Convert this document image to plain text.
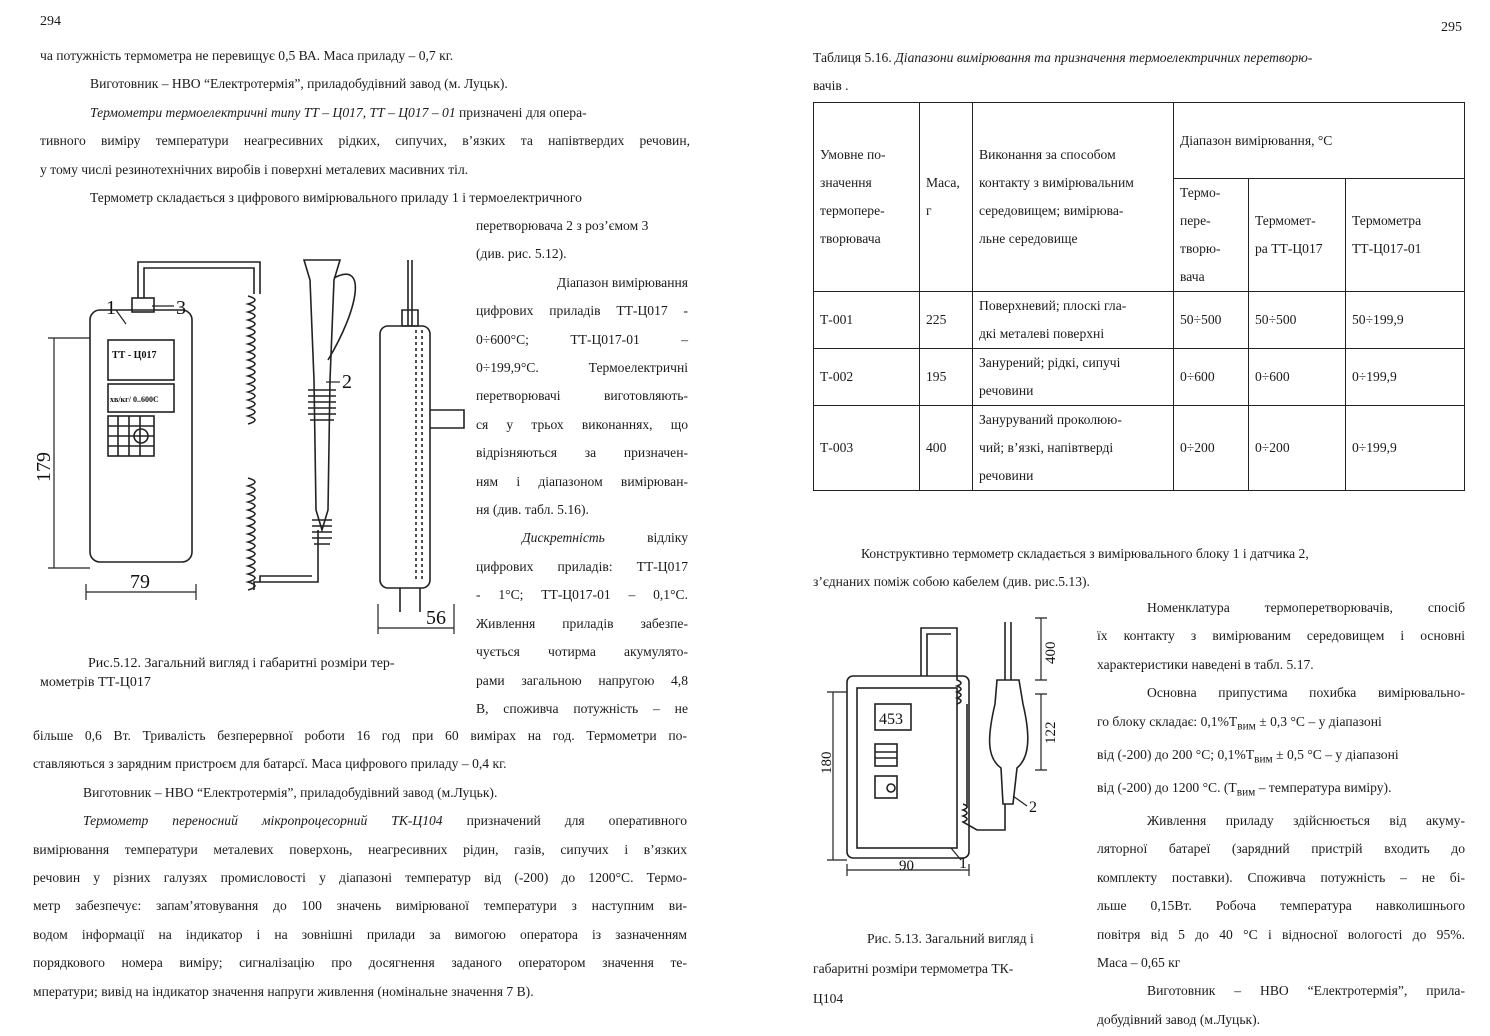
294
ча потужність термометра не перевищує 0,5 ВА. Маса приладу – 0,7 кг.
Виготовник – НВО “Електротермія”, приладобудівний завод (м. Луцьк).
Термометри термоелектричні типу ТТ – Ц017, ТТ – Ц017 – 01 призначені для опера-
тивного виміру температури неагресивних рідких, сипучих, в’язких та напівтвердих речовин,
у тому числі резинотехнічних виробів і поверхні металевих масивних тіл.
Термометр складається з цифрового вимірювального приладу 1 і термоелектричного
перетворювача 2 з роз’ємом 3
(див. рис. 5.12).
Діапазон вимірювання
цифрових приладів ТТ-Ц017 -
0÷600°С; ТТ-Ц017-01 –
0÷199,9°С. Термоелектричні
перетворювачі виготовляють-
ся у трьох виконаннях, що
відрізняються за призначен-
ням і діапазоном вимірюван-
ня (див. табл. 5.16).
Дискретність	відліку
цифрових приладів: ТТ-Ц017
- 1°С; ТТ-Ц017-01 – 0,1°С.
Живлення приладів забезпе-
чується чотирма акумулято-
рами загальною напругою 4,8
В, споживча потужність – не
ТТ - Ц017
хв/кг/ 0..600С
1	3
2
179
79
56
Рис.5.12. Загальний вигляд і габаритні розміри тер-
мометрів ТТ-Ц017
більше 0,6 Вт. Тривалість безперервної роботи 16 год при 60 вимірах на год. Термометри по-
ставляються з зарядним пристроєм для батарсї. Маса цифрового приладу – 0,4 кг.
Виготовник – НВО “Електротермія”, приладобудівний завод (м.Луцьк).
Термометр переносний мікропроцесорний ТК-Ц104 призначений для оперативного
вимірювання температури металевих поверхонь, неагресивних рідин, газів, сипучих і в’язких
речовин у різних галузях промисловості у діапазоні температур від (-200) до 1200°С. Термо-
метр забезпечує: запам’ятовування до 100 значень вимірюваної температури з наступним ви-
водом інформації на індикатор і на зовнішні прилади за вимогою оператора із зазначенням
порядкового номера виміру; сигналізацію про досягнення заданого оператором значення те-
мператури; вивід на індикатор значення напруги живлення (номінальне значення 7 В).
295
Таблиця 5.16. Діапазони вимірювання та призначення термоелектричних перетворю-
вачів .
Умовне по-
значення
термопере-
творювача	Маса,
г	Виконання за способом
контакту з вимірювальним
середовищем; вимірюва-
льне середовище	Діапазон вимірювання, °С		

			Термо-
пере-
творю-
вача	Термомет-
ра ТТ-Ц017	Термометра
ТТ-Ц017-01

Т-001	225	Поверхневий; плоскі гла-
дкі металеві поверхні	50÷500	50÷500	50÷199,9
Т-002	195	Занурений; рідкі, сипучі
речовини	0÷600	0÷600	0÷199,9
Т-003	400	Зануруваний проколюю-
чий; в’язкі, напівтверді
речовини	0÷200	0÷200	0÷199,9
Конструктивно термометр складається з вимірювального блоку 1 і датчика 2,
з’єднаних поміж собою кабелем (див. рис.5.13).
453
180
90
400
122
1
2
Рис. 5.13. Загальний вигляд і
габаритні розміри термометра ТК-
Ц104
Номенклатура термоперетворювачів, спосіб
їх контакту з вимірюваним середовищем і основні
характеристики наведені в табл. 5.17.
Основна припустима похибка вимірювально-
го блоку складає: $0,1\%Т_{вим} \pm 0,3$ °С – у діапазоні
від (-200) до 200 °С; $0,1\%Т_{вим} \pm 0,5$ °С – у діапазоні
від (-200) до 1200 °С. ($Т_{вим}$ – температура виміру).
Живлення приладу здійснюється від акуму-
ляторної батареї (зарядний пристрій входить до
комплекту поставки). Споживча потужність – не бі-
льше 0,15Вт. Робоча температура навколишнього
повітря від 5 до 40 °С і відносної вологості до 95%.
Маса – 0,65 кг
Виготовник – НВО “Електротермія”, прила-
добудівний завод (м.Луцьк).
